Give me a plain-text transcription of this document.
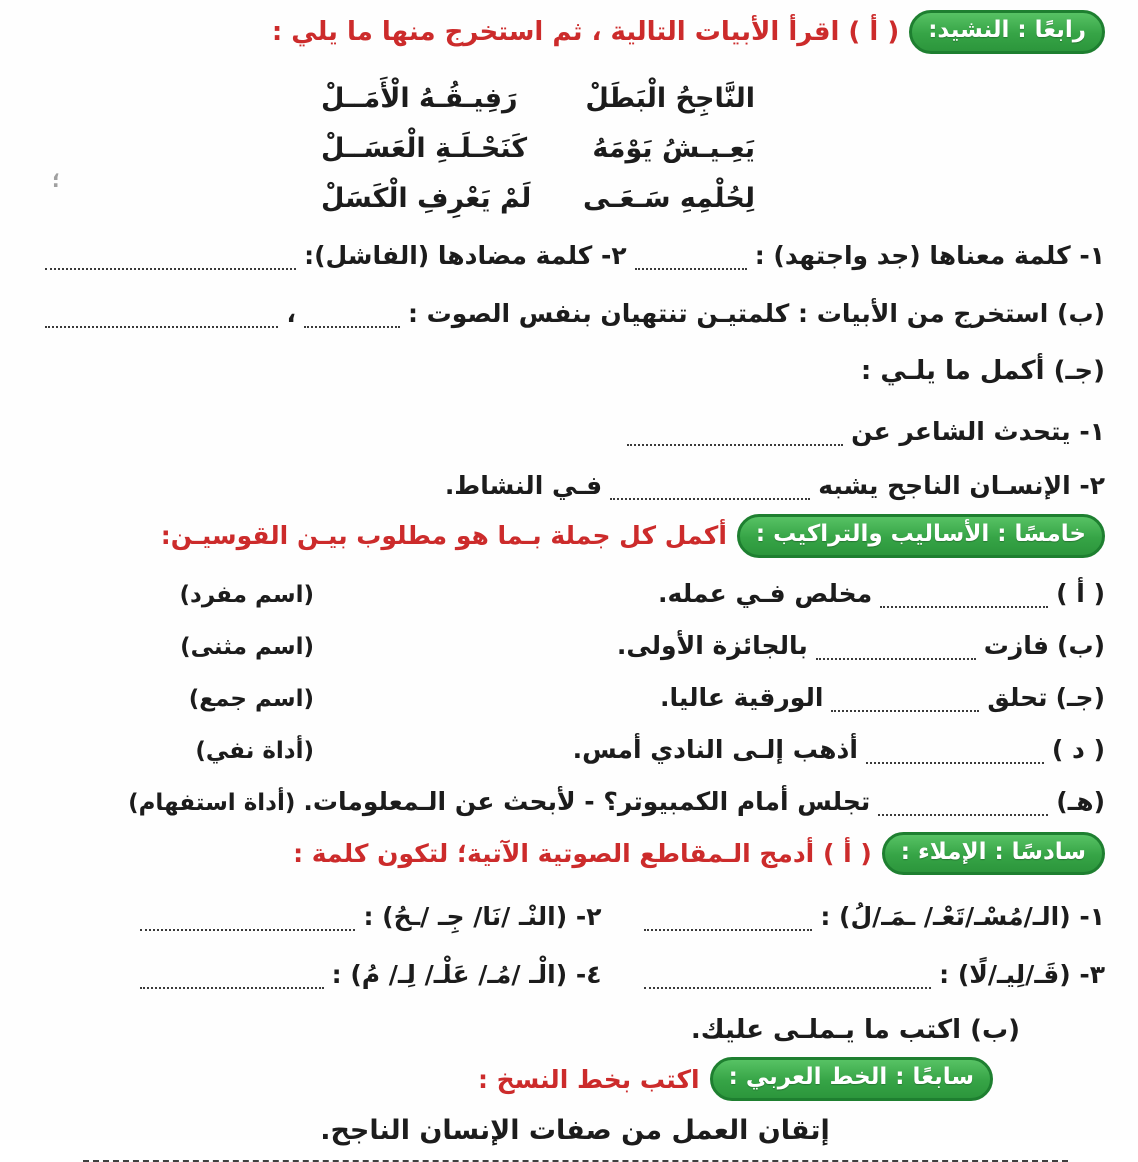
؛
رابعًا : النشيد:
( أ ) اقرأ الأبيات التالية ، ثم استخرج منها ما يلي :
النَّاجِحُ الْبَطَلْ
رَفِيـقُـهُ الْأَمَــلْ
يَعِـيـشُ يَوْمَهُ
كَنَحْـلَـةِ الْعَسَــلْ
لِحُلْمِهِ سَـعَـى
لَمْ يَعْرِفِ الْكَسَلْ
١- كلمة معناها (جد واجتهد) :
٢- كلمة مضادها (الفاشل):
(ب) استخرج من الأبيات : كلمتيـن تنتهيان بنفس الصوت :
،
(جـ) أكمل ما يلـي :
١- يتحدث الشاعر عن
٢- الإنسـان الناجح يشبه
فـي النشاط.
خامسًا : الأساليب والتراكيب :
أكمل كل جملة بـما هو مطلوب بيـن القوسيـن:
( أ )
مخلص فـي عمله.
(اسم مفرد)
(ب)
فازت
بالجائزة الأولى.
(اسم مثنى)
(جـ)
تحلق
الورقية عاليا.
(اسم جمع)
( د )
أذهب إلـى النادي أمس.
(أداة نفي)
(هـ)
تجلس أمام الكمبيوتر؟ - لأبحث عن الـمعلومات.
(أداة استفهام)
سادسًا : الإملاء :
( أ ) أدمج الـمقاطع الصوتية الآتية؛ لتكون كلمة :
١- (الـ/مُسْـ/تَعْـ/ ـمَـ/لُ) :
٢- (النْـ /نَا/ جِـ /ـحُ) :
٣- (قَـ/لِيـ/لًا) :
٤- (الْـ /مُـ/ عَلْـ/ لِـ/ مُ) :
(ب) اكتب ما يـملـى عليك.
سابعًا : الخط العربي :
اكتب بخط النسخ :
إتقان العمل من صفات الإنسان الناجح.
